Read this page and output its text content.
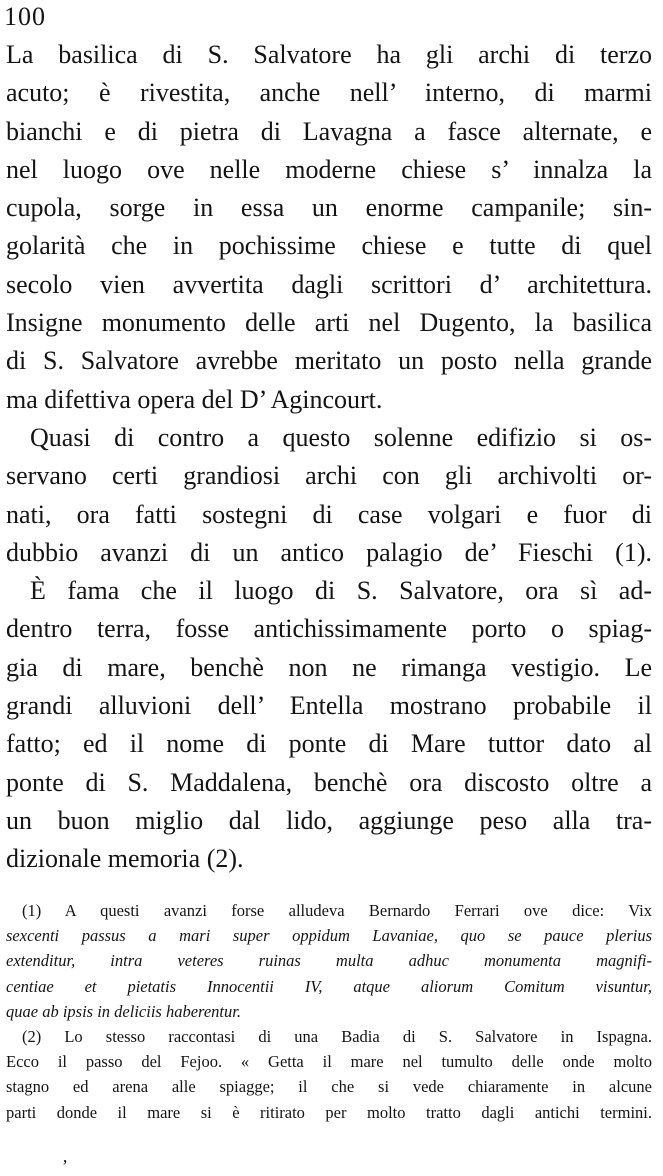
100
La basilica di S. Salvatore ha gli archi di terzo
acuto; è rivestita, anche nell’ interno, di marmi
bianchi e di pietra di Lavagna a fasce alternate, e
nel luogo ove nelle moderne chiese s’ innalza la
cupola, sorge in essa un enorme campanile; sin-
golarità che in pochissime chiese e tutte di quel
secolo vien avvertita dagli scrittori d’ architettura.
Insigne monumento delle arti nel Dugento, la basilica
di S. Salvatore avrebbe meritato un posto nella grande
ma difettiva opera del D’ Agincourt.
Quasi di contro a questo solenne edifizio si os-
servano certi grandiosi archi con gli archivolti or-
nati, ora fatti sostegni di case volgari e fuor di
dubbio avanzi di un antico palagio de’ Fieschi (1).
È fama che il luogo di S. Salvatore, ora sì ad-
dentro terra, fosse antichissimamente porto o spiag-
gia di mare, benchè non ne rimanga vestigio. Le
grandi alluvioni dell’ Entella mostrano probabile il
fatto; ed il nome di ponte di Mare tuttor dato al
ponte di S. Maddalena, benchè ora discosto oltre a
un buon miglio dal lido, aggiunge peso alla tra-
dizionale memoria (2).
(1) A questi avanzi forse alludeva Bernardo Ferrari ove dice: Vix
sexcenti passus a mari super oppidum Lavaniae, quo se pauce plerius
extenditur, intra veteres ruinas multa adhuc monumenta magnifi-
centiae et pietatis Innocentii IV, atque aliorum Comitum visuntur,
quae ab ipsis in deliciis haberentur.
(2) Lo stesso raccontasi di una Badia di S. Salvatore in Ispagna.
Ecco il passo del Fejoo. « Getta il mare nel tumulto delle onde molto
stagno ed arena alle spiagge; il che si vede chiaramente in alcune
parti donde il mare si è ritirato per molto tratto dagli antichi termini.
‚
